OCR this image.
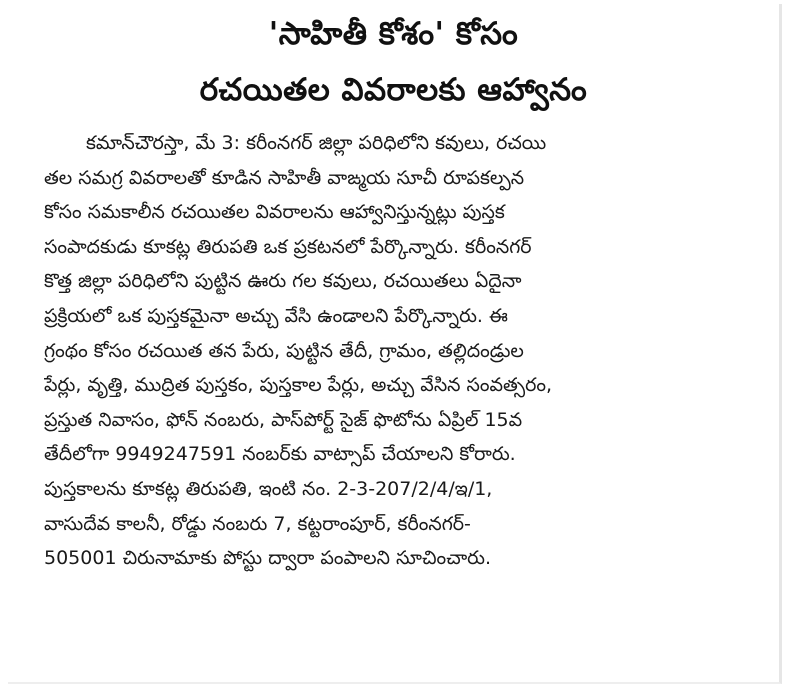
'సాహితీ కోశం' కోసం
రచయితల వివరాలకు ఆహ్వానం
కమాన్‌చౌరస్తా, మే 3: కరీంనగర్ జిల్లా పరిధిలోని కవులు, రచయి
తల సమగ్ర వివరాలతో కూడిన సాహితీ వాఙ్మయ సూచీ రూపకల్పన
కోసం సమకాలీన రచయితల వివరాలను ఆహ్వానిస్తున్నట్లు పుస్తక
సంపాదకుడు కూకట్ల తిరుపతి ఒక ప్రకటనలో పేర్కొన్నారు. కరీంనగర్
కొత్త జిల్లా పరిధిలోని పుట్టిన ఊరు గల కవులు, రచయితలు ఏదైనా
ప్రక్రియలో ఒక పుస్తకమైనా అచ్చు వేసి ఉండాలని పేర్కొన్నారు. ఈ
గ్రంథం కోసం రచయిత తన పేరు, పుట్టిన తేదీ, గ్రామం, తల్లిదండ్రుల
పేర్లు, వృత్తి, ముద్రిత పుస్తకం, పుస్తకాల పేర్లు, అచ్చు వేసిన సంవత్సరం,
ప్రస్తుత నివాసం, ఫోన్ నంబరు, పాస్‌పోర్ట్ సైజ్ ఫొటోను ఏప్రిల్ 15వ
తేదీలోగా 9949247591 నంబర్‌కు వాట్సాప్ చేయాలని కోరారు.
పుస్తకాలను కూకట్ల తిరుపతి, ఇంటి నం. 2-3-207/2/4/ఇ/1,
వాసుదేవ కాలనీ, రోడ్డు నంబరు 7, కట్టరాంపూర్, కరీంనగర్-
505001 చిరునామాకు పోస్టు ద్వారా పంపాలని సూచించారు.
